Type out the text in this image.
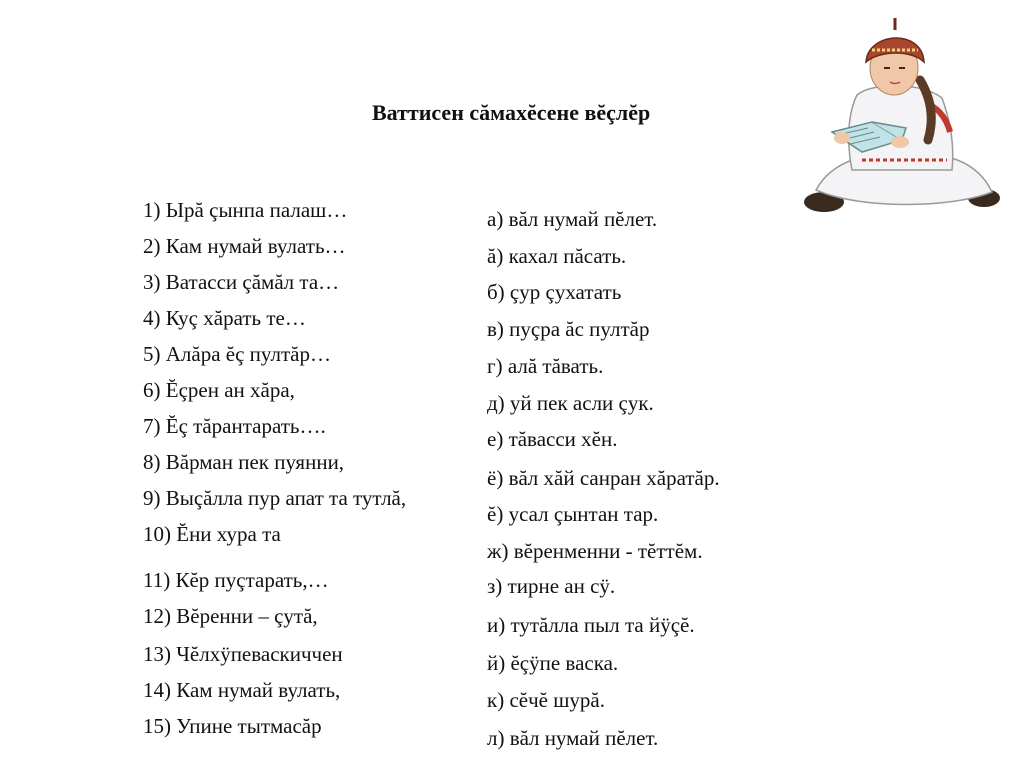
Ваттисен сăмахĕсене вĕçлĕр
1) Ырă çынпа палаш…
2) Кам нумай вулать…
3) Ватасси çăмăл та…
4) Куç хăрать те…
5) Алăра ĕç пултăр…
6) Ĕçрен ан хăра,
7) Ĕç тăрантарать….
8) Вăрман пек пуянни,
9) Выçăлла пур апат та тутлă,
10) Ĕни хура та
11) Кĕр пуçтарать,…
12) Вĕренни – çутă,
13) Чĕлхÿпеваскиччен
14) Кам нумай вулать,
15) Упине тытмасăр
а) вăл нумай пĕлет.
ă) кахал пăсать.
б) çур çухатать
в) пуçра ăс пултăр
г) алă тăвать.
д) уй пек асли çук.
е) тăвасси хĕн.
ё) вăл хăй санран хăратăр.
ĕ) усал çынтан тар.
ж) вĕренменни - тĕттĕм.
з) тирне ан сÿ.
и) тутăлла пыл та йÿçĕ.
й) ĕçÿпе васка.
к) сĕчĕ шурă.
л) вăл нумай пĕлет.
